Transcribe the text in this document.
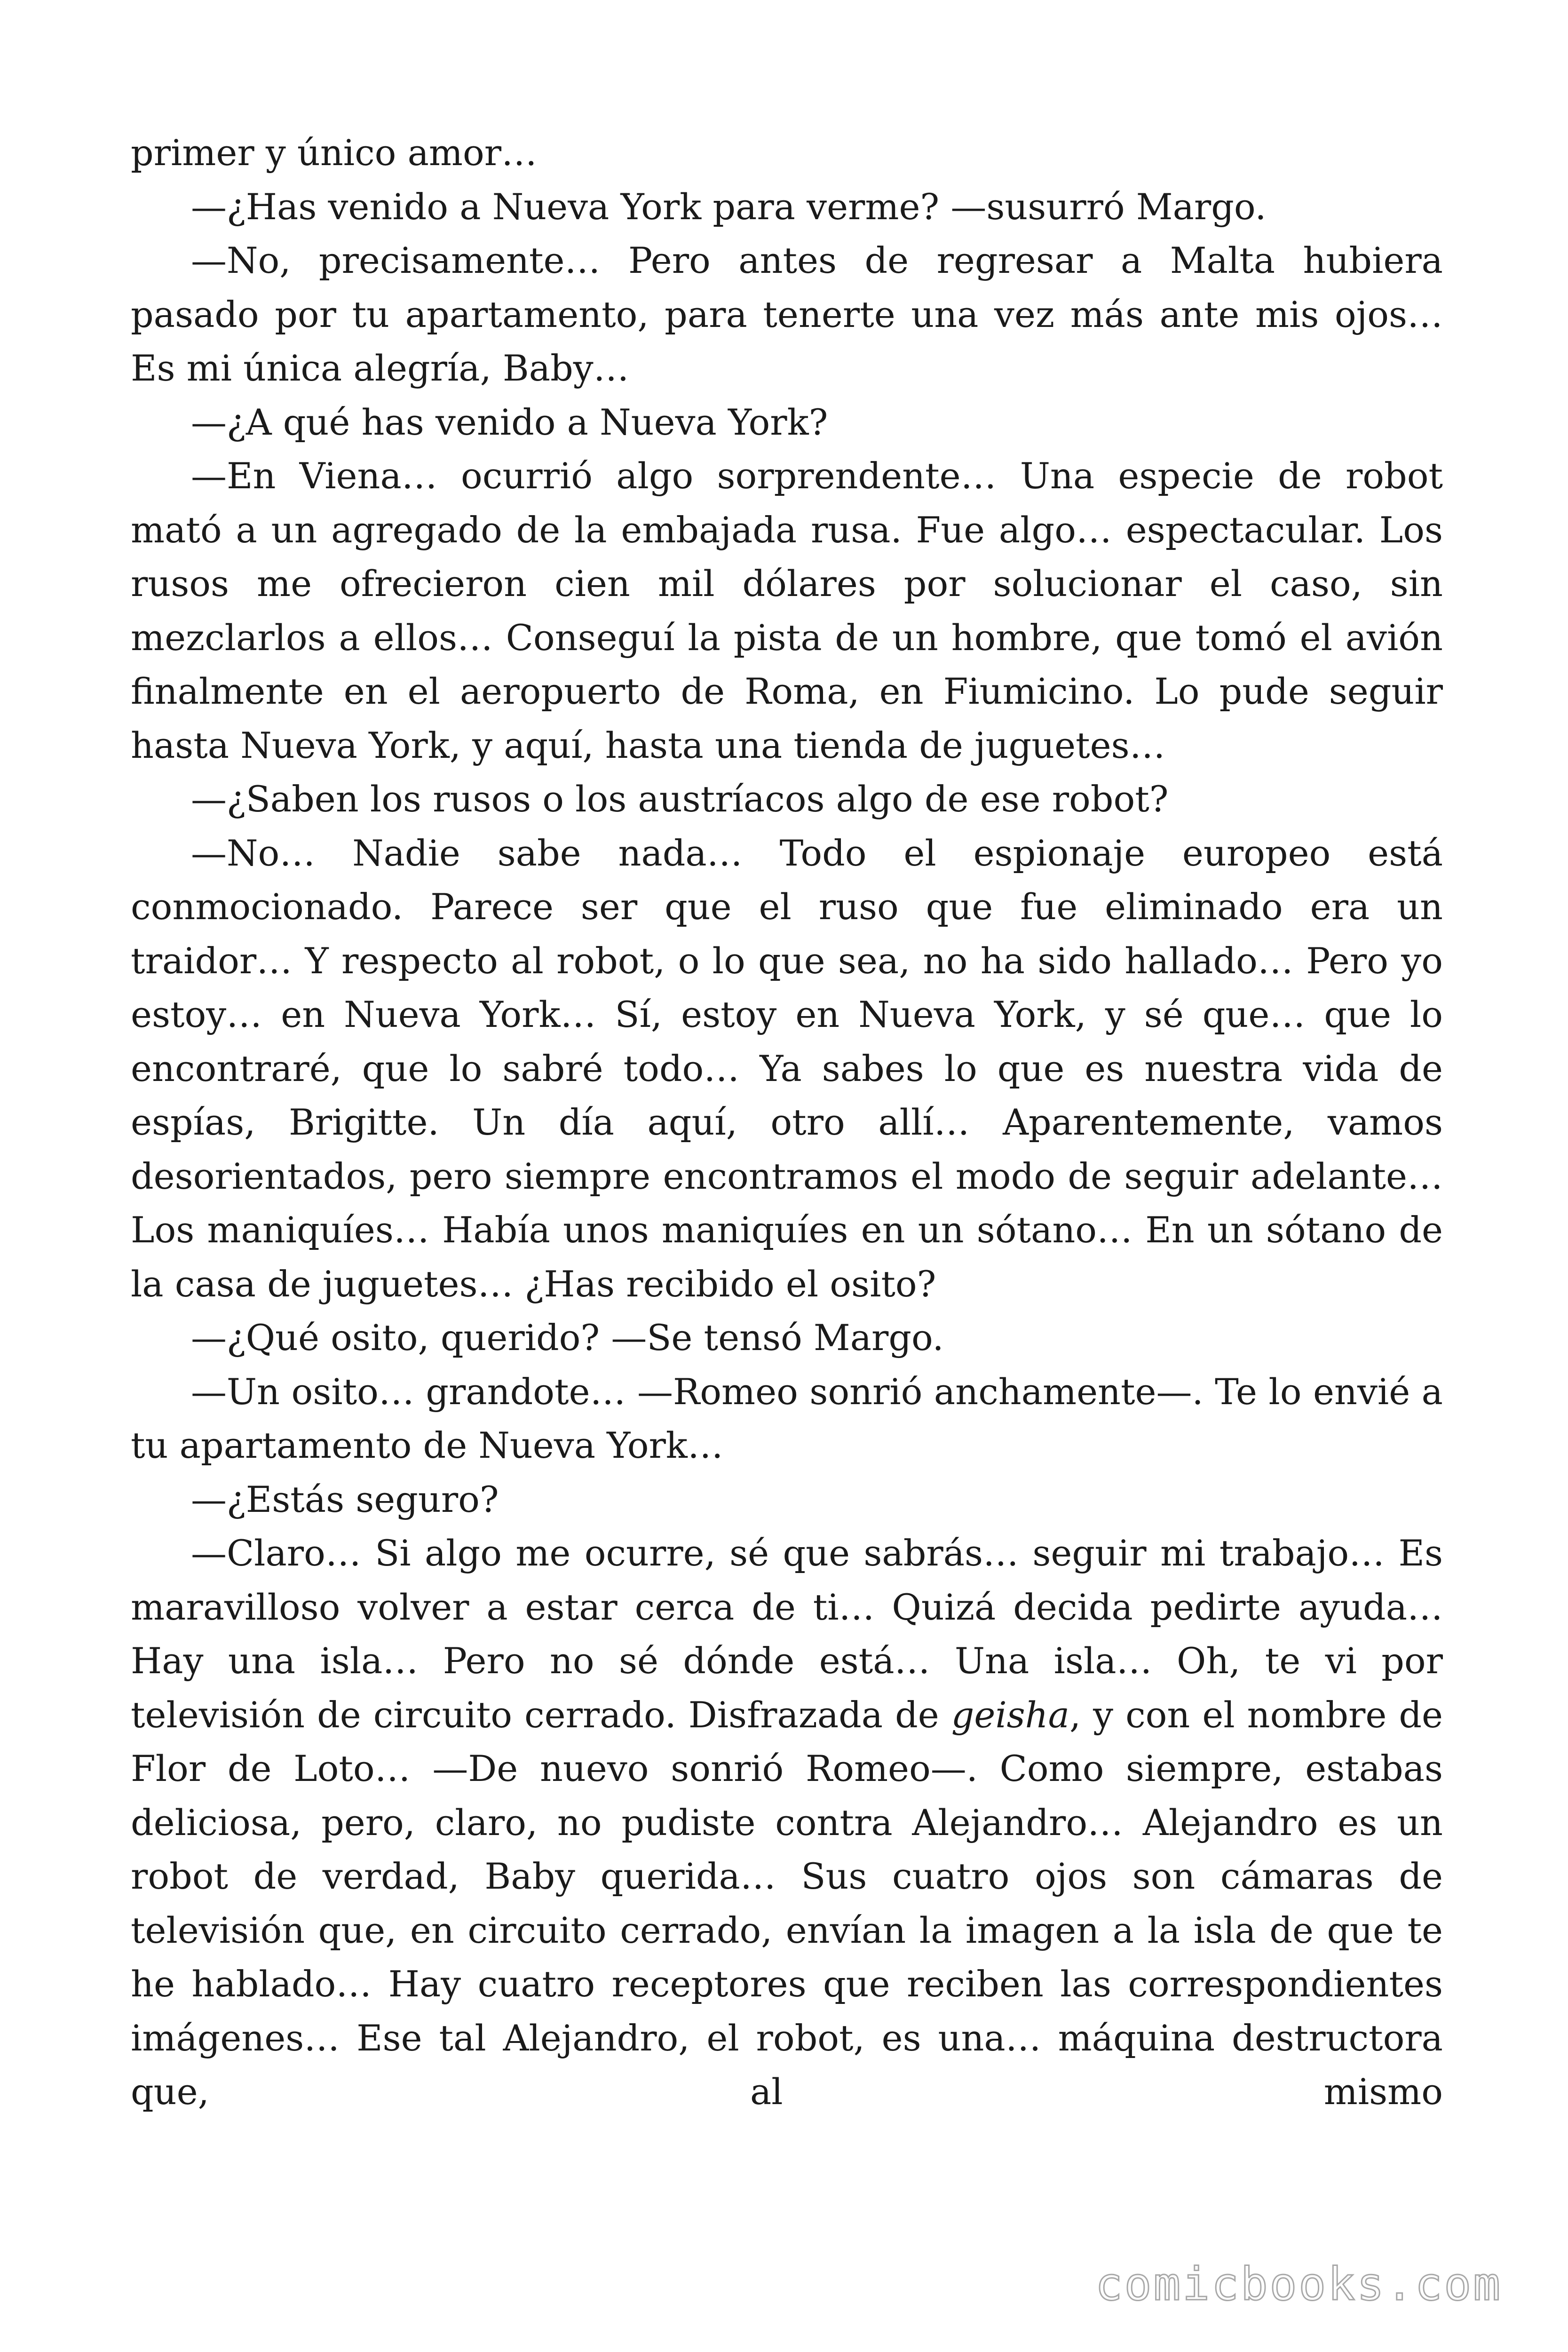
primer y único amor…

—¿Has venido a Nueva York para verme? —susurró Margo.

—No, precisamente… Pero antes de regresar a Malta hubiera pasado por tu apartamento, para tenerte una vez más ante mis ojos… Es mi única alegría, Baby…

—¿A qué has venido a Nueva York?

—En Viena… ocurrió algo sorprendente… Una especie de robot mató a un agregado de la embajada rusa. Fue algo… espectacular. Los rusos me ofrecieron cien mil dólares por solucionar el caso, sin mezclarlos a ellos… Conseguí la pista de un hombre, que tomó el avión finalmente en el aeropuerto de Roma, en Fiumicino. Lo pude seguir hasta Nueva York, y aquí, hasta una tienda de juguetes…

—¿Saben los rusos o los austríacos algo de ese robot?

—No… Nadie sabe nada… Todo el espionaje europeo está conmocionado. Parece ser que el ruso que fue eliminado era un traidor… Y respecto al robot, o lo que sea, no ha sido hallado… Pero yo estoy… en Nueva York… Sí, estoy en Nueva York, y sé que… que lo encontraré, que lo sabré todo… Ya sabes lo que es nuestra vida de espías, Brigitte. Un día aquí, otro allí… Aparentemente, vamos desorientados, pero siempre encontramos el modo de seguir adelante… Los maniquíes… Había unos maniquíes en un sótano… En un sótano de la casa de juguetes… ¿Has recibido el osito?

—¿Qué osito, querido? —Se tensó Margo.

—Un osito… grandote… —Romeo sonrió anchamente—. Te lo envié a tu apartamento de Nueva York…

—¿Estás seguro?

—Claro… Si algo me ocurre, sé que sabrás… seguir mi trabajo… Es maravilloso volver a estar cerca de ti… Quizá decida pedirte ayuda… Hay una isla… Pero no sé dónde está… Una isla… Oh, te vi por televisión de circuito cerrado. Disfrazada de geisha, y con el nombre de Flor de Loto… —De nuevo sonrió Romeo—. Como siempre, estabas deliciosa, pero, claro, no pudiste contra Alejandro… Alejandro es un robot de verdad, Baby querida… Sus cuatro ojos son cámaras de televisión que, en circuito cerrado, envían la imagen a la isla de que te he hablado… Hay cuatro receptores que reciben las correspondientes imágenes… Ese tal Alejandro, el robot, es una… máquina destructora que, al mismo

comicbooks.com
